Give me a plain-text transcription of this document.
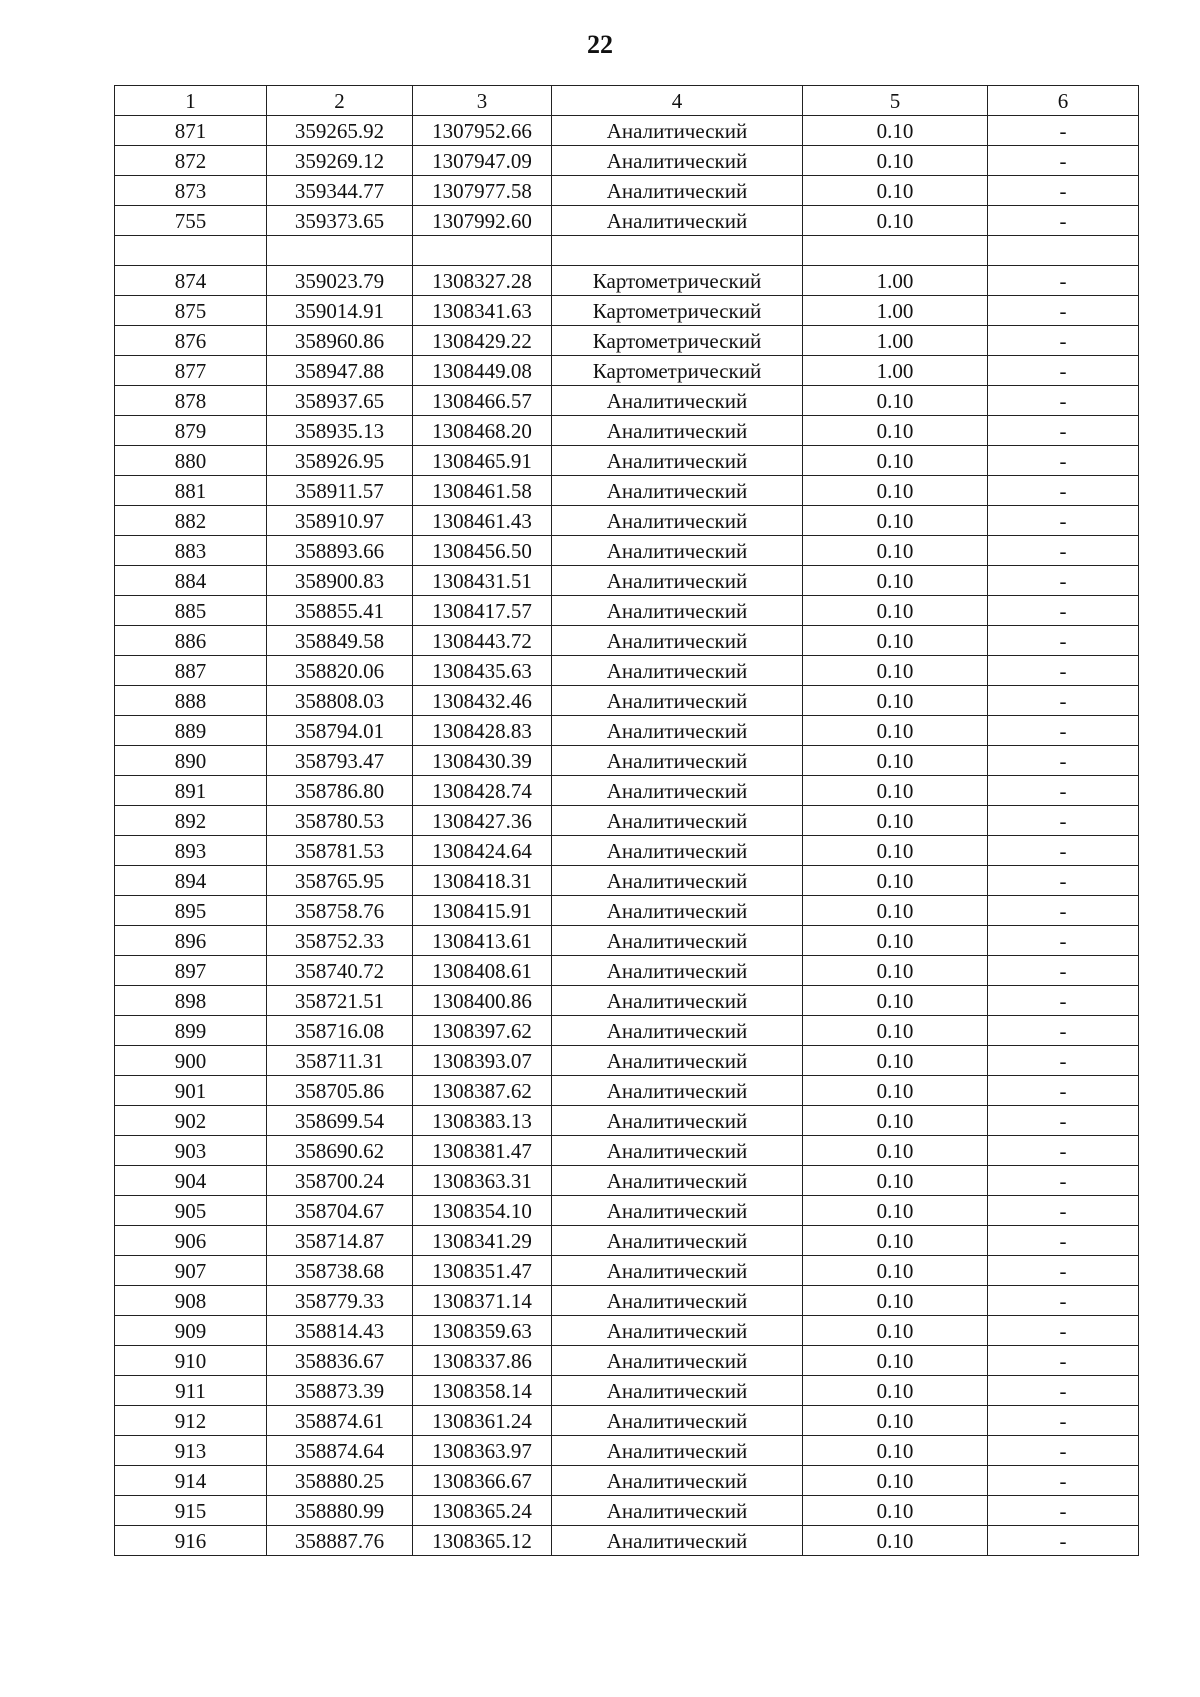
22
1	2	3	4	5	6
871	359265.92	1307952.66	Аналитический	0.10	-
872	359269.12	1307947.09	Аналитический	0.10	-
873	359344.77	1307977.58	Аналитический	0.10	-
755	359373.65	1307992.60	Аналитический	0.10	-

874	359023.79	1308327.28	Картометрический	1.00	-
875	359014.91	1308341.63	Картометрический	1.00	-
876	358960.86	1308429.22	Картометрический	1.00	-
877	358947.88	1308449.08	Картометрический	1.00	-
878	358937.65	1308466.57	Аналитический	0.10	-
879	358935.13	1308468.20	Аналитический	0.10	-
880	358926.95	1308465.91	Аналитический	0.10	-
881	358911.57	1308461.58	Аналитический	0.10	-
882	358910.97	1308461.43	Аналитический	0.10	-
883	358893.66	1308456.50	Аналитический	0.10	-
884	358900.83	1308431.51	Аналитический	0.10	-
885	358855.41	1308417.57	Аналитический	0.10	-
886	358849.58	1308443.72	Аналитический	0.10	-
887	358820.06	1308435.63	Аналитический	0.10	-
888	358808.03	1308432.46	Аналитический	0.10	-
889	358794.01	1308428.83	Аналитический	0.10	-
890	358793.47	1308430.39	Аналитический	0.10	-
891	358786.80	1308428.74	Аналитический	0.10	-
892	358780.53	1308427.36	Аналитический	0.10	-
893	358781.53	1308424.64	Аналитический	0.10	-
894	358765.95	1308418.31	Аналитический	0.10	-
895	358758.76	1308415.91	Аналитический	0.10	-
896	358752.33	1308413.61	Аналитический	0.10	-
897	358740.72	1308408.61	Аналитический	0.10	-
898	358721.51	1308400.86	Аналитический	0.10	-
899	358716.08	1308397.62	Аналитический	0.10	-
900	358711.31	1308393.07	Аналитический	0.10	-
901	358705.86	1308387.62	Аналитический	0.10	-
902	358699.54	1308383.13	Аналитический	0.10	-
903	358690.62	1308381.47	Аналитический	0.10	-
904	358700.24	1308363.31	Аналитический	0.10	-
905	358704.67	1308354.10	Аналитический	0.10	-
906	358714.87	1308341.29	Аналитический	0.10	-
907	358738.68	1308351.47	Аналитический	0.10	-
908	358779.33	1308371.14	Аналитический	0.10	-
909	358814.43	1308359.63	Аналитический	0.10	-
910	358836.67	1308337.86	Аналитический	0.10	-
911	358873.39	1308358.14	Аналитический	0.10	-
912	358874.61	1308361.24	Аналитический	0.10	-
913	358874.64	1308363.97	Аналитический	0.10	-
914	358880.25	1308366.67	Аналитический	0.10	-
915	358880.99	1308365.24	Аналитический	0.10	-
916	358887.76	1308365.12	Аналитический	0.10	-
